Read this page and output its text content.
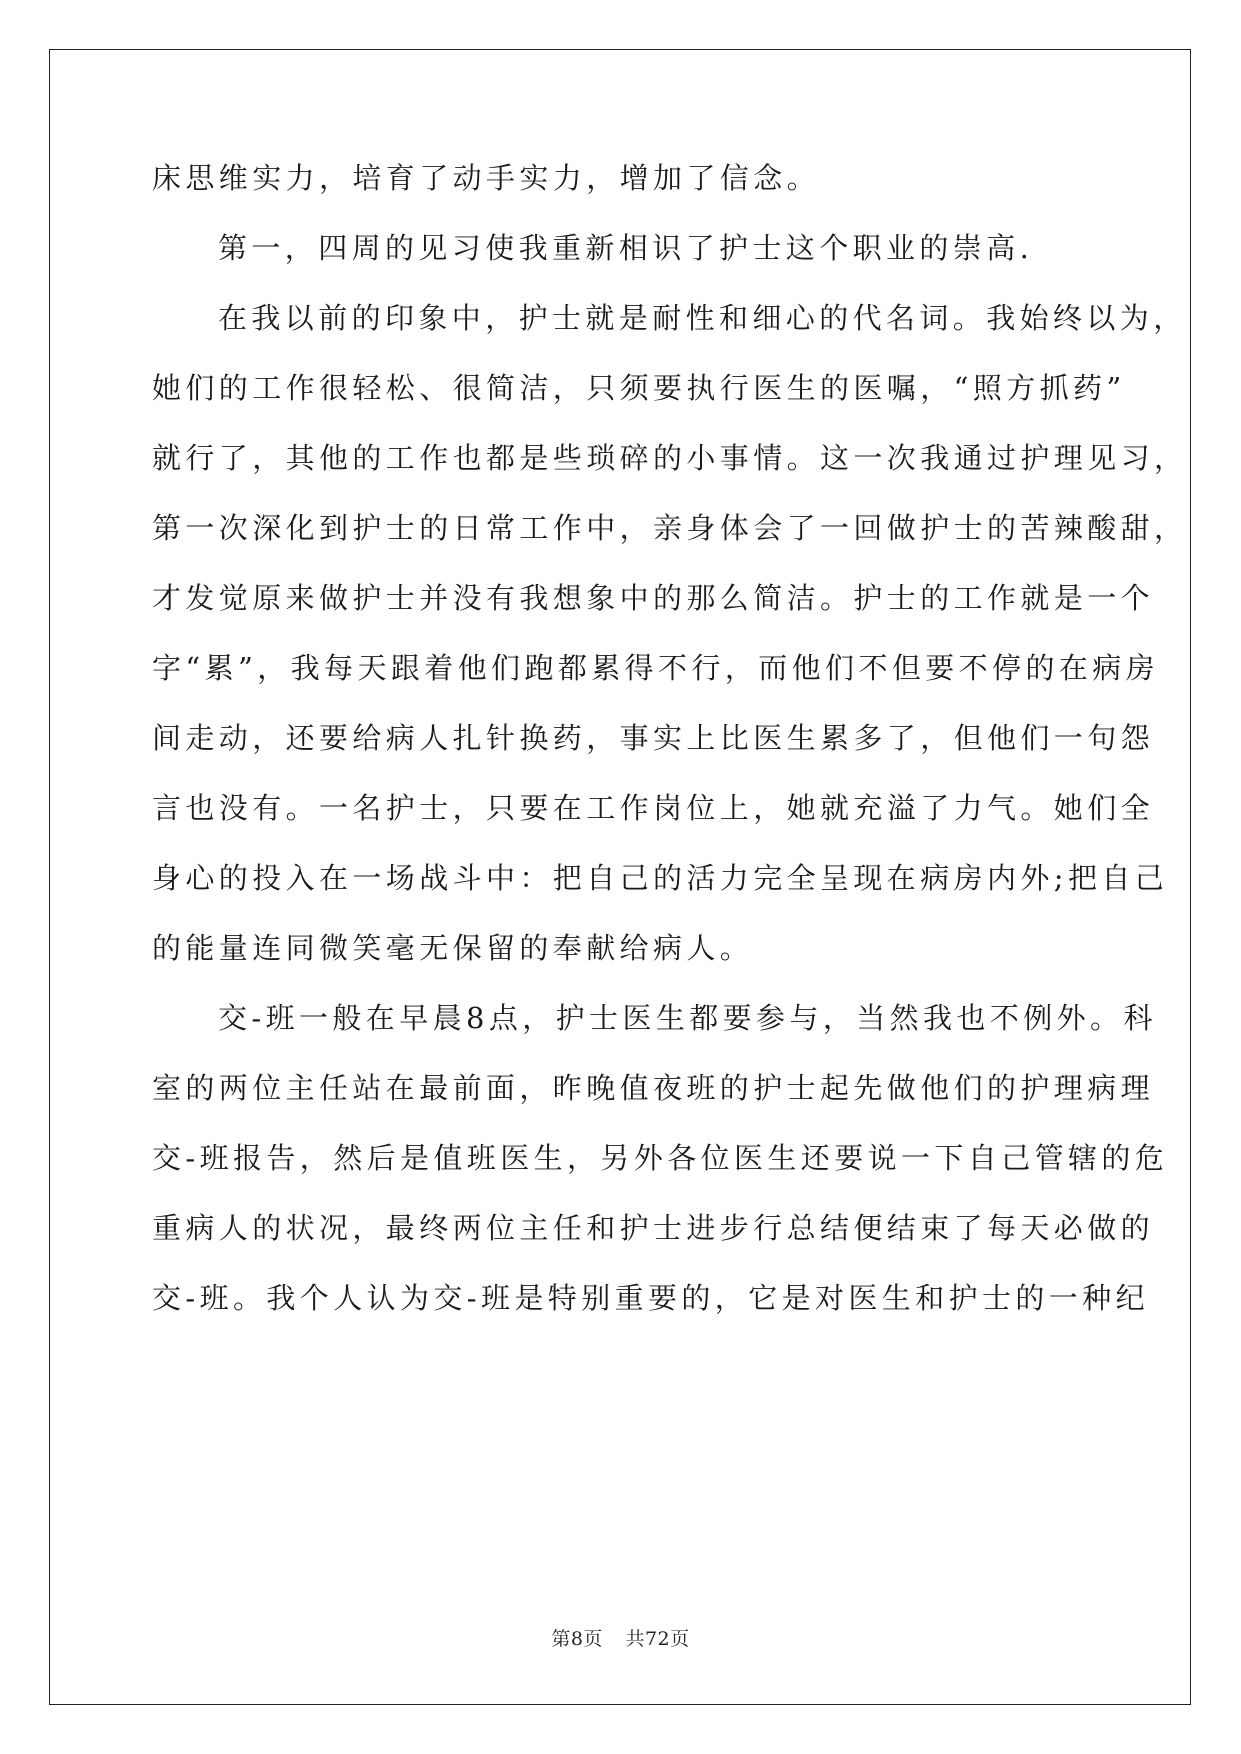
床思维实力，培育了动手实力，增加了信念。
第一，四周的见习使我重新相识了护士这个职业的崇高.
在我以前的印象中，护士就是耐性和细心的代名词。我始终以为，
她们的工作很轻松、很简洁，只须要执行医生的医嘱，“照方抓药”
就行了，其他的工作也都是些琐碎的小事情。这一次我通过护理见习，
第一次深化到护士的日常工作中，亲身体会了一回做护士的苦辣酸甜，
才发觉原来做护士并没有我想象中的那么简洁。护士的工作就是一个
字“累”，我每天跟着他们跑都累得不行，而他们不但要不停的在病房
间走动，还要给病人扎针换药，事实上比医生累多了，但他们一句怨
言也没有。一名护士，只要在工作岗位上，她就充溢了力气。她们全
身心的投入在一场战斗中：把自己的活力完全呈现在病房内外;把自己
的能量连同微笑毫无保留的奉献给病人。
交-班一般在早晨8点，护士医生都要参与，当然我也不例外。科
室的两位主任站在最前面，昨晚值夜班的护士起先做他们的护理病理
交-班报告，然后是值班医生，另外各位医生还要说一下自己管辖的危
重病人的状况，最终两位主任和护士进步行总结便结束了每天必做的
交-班。我个人认为交-班是特别重要的，它是对医生和护士的一种纪
第8页 共72页
